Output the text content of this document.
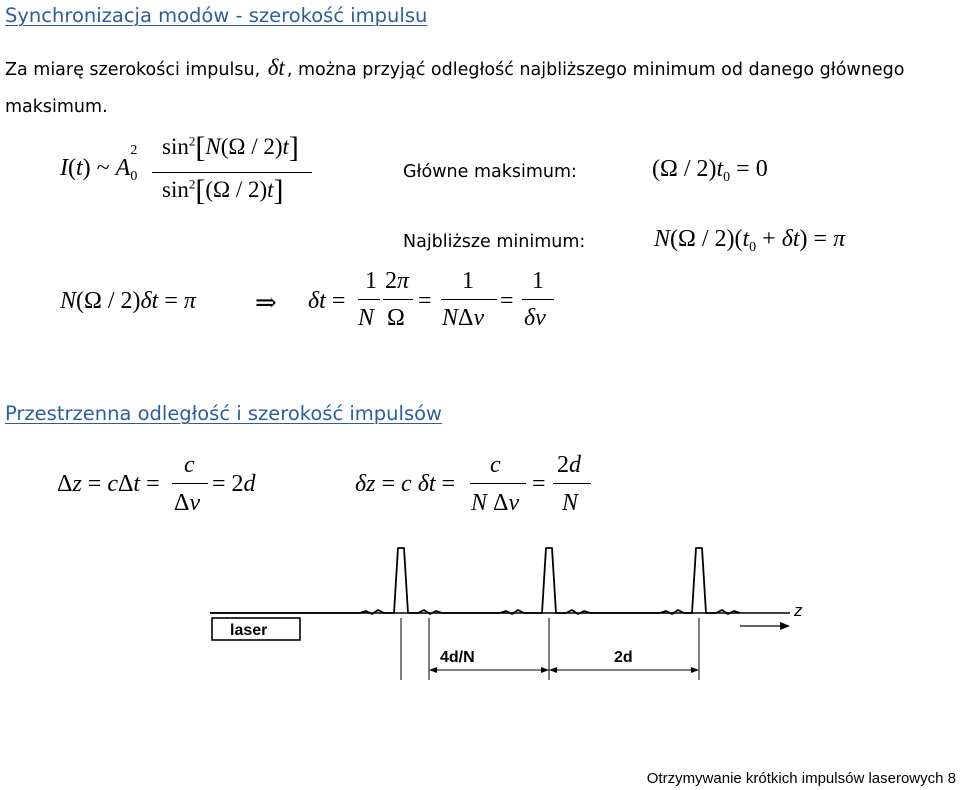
Synchronizacja modów - szerokość impulsu
Za miarę szerokości impulsu, δt , można przyjąć odległość najbliższego minimum od danego głównego
maksimum.
I(t) ~ A
2
$_0$
$\sin^2[N(\Omega / 2)t]$
$\sin^2[(\Omega / 2)t]$
Główne maksimum:	$(\Omega / 2)t_0 = 0$
Najbliższe minimum:	$N(\Omega / 2)(t_0 + \delta t) = \pi$
N(Ω / 2)δt = π ⇒ δt =
1
N
2π
Ω
=
1
NΔν
=
1
δν
Przestrzenna odległość i szerokość impulsów
Δz = cΔt =
c
Δν
= 2d	δz = c δt =
c
N Δν
=
2d
N
z
laser
4d/N	2d
Otrzymywanie krótkich impulsów laserowych 8
